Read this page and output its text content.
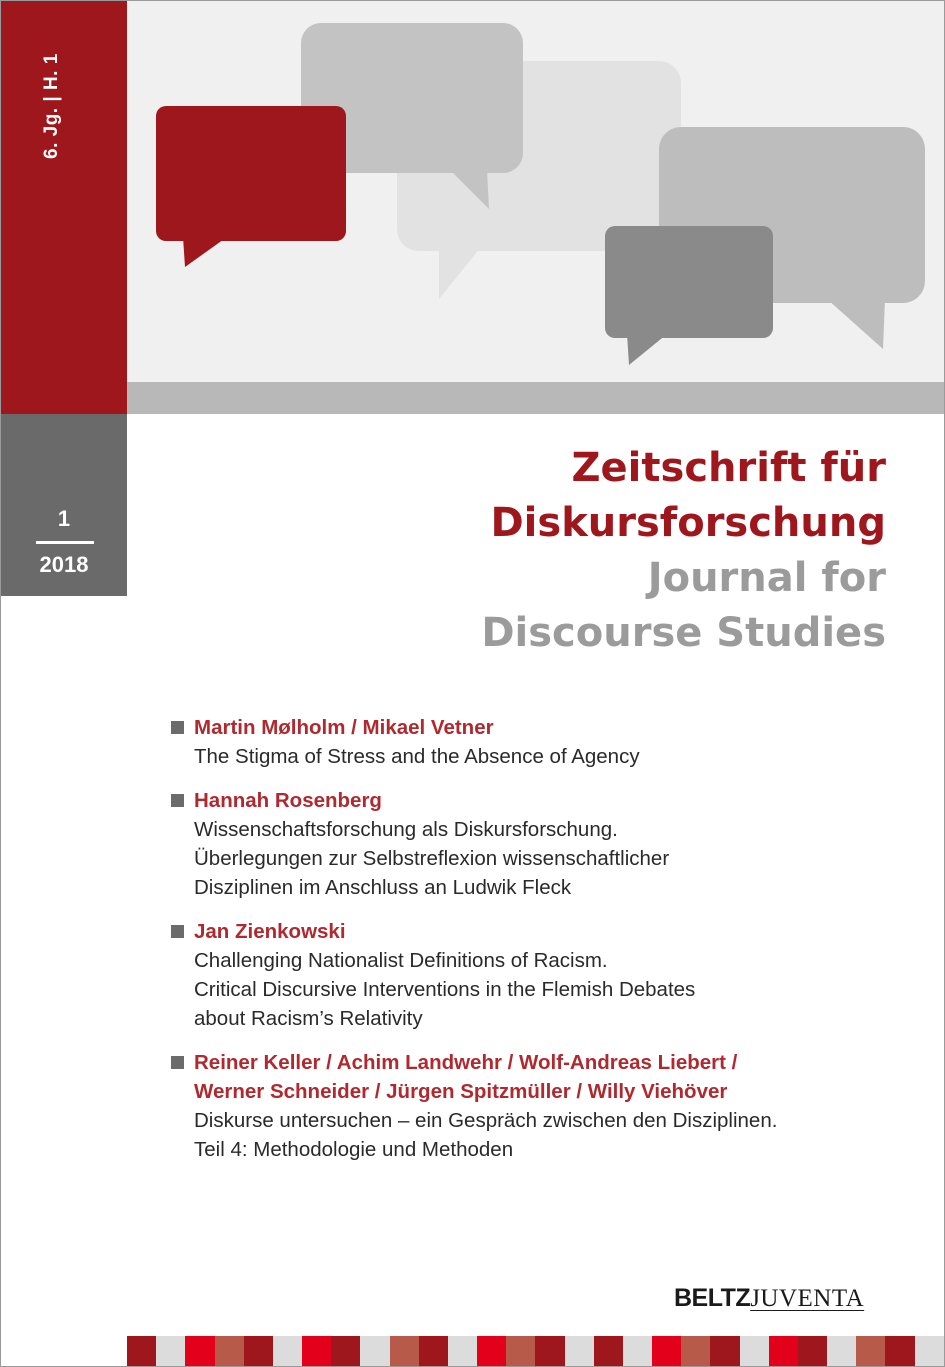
6. Jg. | H. 1
1
2018
Zeitschrift für
Diskursforschung
Journal for
Discourse Studies
Martin Mølholm / Mikael Vetner
The Stigma of Stress and the Absence of Agency
Hannah Rosenberg
Wissenschaftsforschung als Diskursforschung.
Überlegungen zur Selbstreflexion wissenschaftlicher
Disziplinen im Anschluss an Ludwik Fleck
Jan Zienkowski
Challenging Nationalist Definitions of Racism.
Critical Discursive Interventions in the Flemish Debates
about Racism’s Relativity
Reiner Keller / Achim Landwehr / Wolf-Andreas Liebert /
Werner Schneider / Jürgen Spitzmüller / Willy Viehöver
Diskurse untersuchen – ein Gespräch zwischen den Disziplinen.
Teil 4: Methodologie und Methoden
BELTZJUVENTA
